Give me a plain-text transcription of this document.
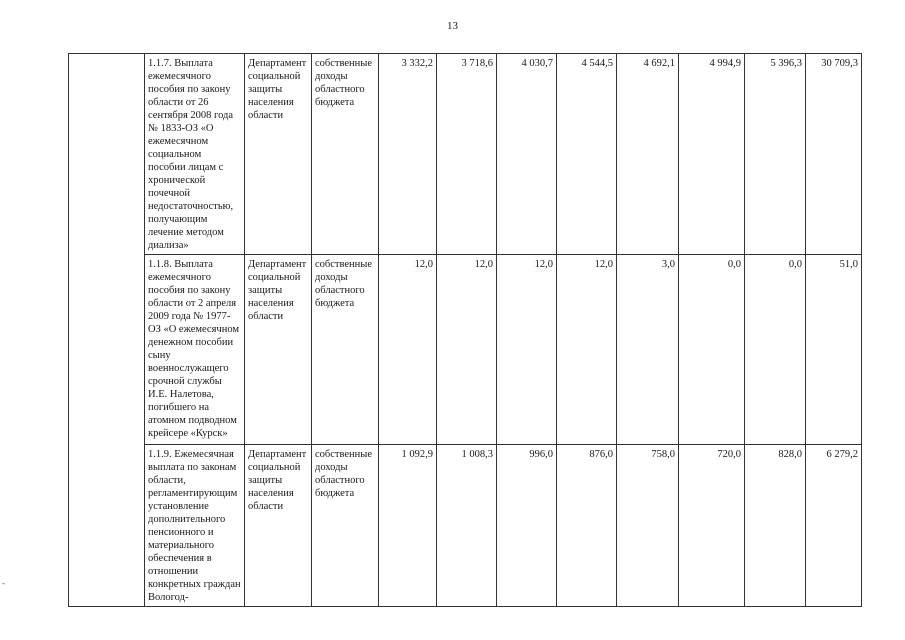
13
	1.1.7. Выплата ежемесячного пособия по закону области от 26 сентября 2008 года № 1833-ОЗ «О ежемесячном социальном пособии лицам с хронической почечной недостаточностью, получающим лечение методом диализа»	Департамент социальной защиты населения области	собственные доходы областного бюджета	3 332,2	3 718,6	4 030,7	4 544,5	4 692,1	4 994,9	5 396,3	30 709,3
	1.1.8. Выплата ежемесячного пособия по закону области от 2 апреля 2009 года № 1977-ОЗ «О ежемесячном денежном пособии сыну военнослужащего срочной службы И.Е. Налетова, погибшего на атомном подводном крейсере «Курск»	Департамент социальной защиты населения области	собственные доходы областного бюджета	12,0	12,0	12,0	12,0	3,0	0,0	0,0	51,0
	1.1.9. Ежемесячная выплата по законам области, регламентирующим установление дополнительного пенсионного и материального обеспечения в отношении конкретных граждан Вологод-	Департамент социальной защиты населения области	собственные доходы областного бюджета	1 092,9	1 008,3	996,0	876,0	758,0	720,0	828,0	6 279,2
-
